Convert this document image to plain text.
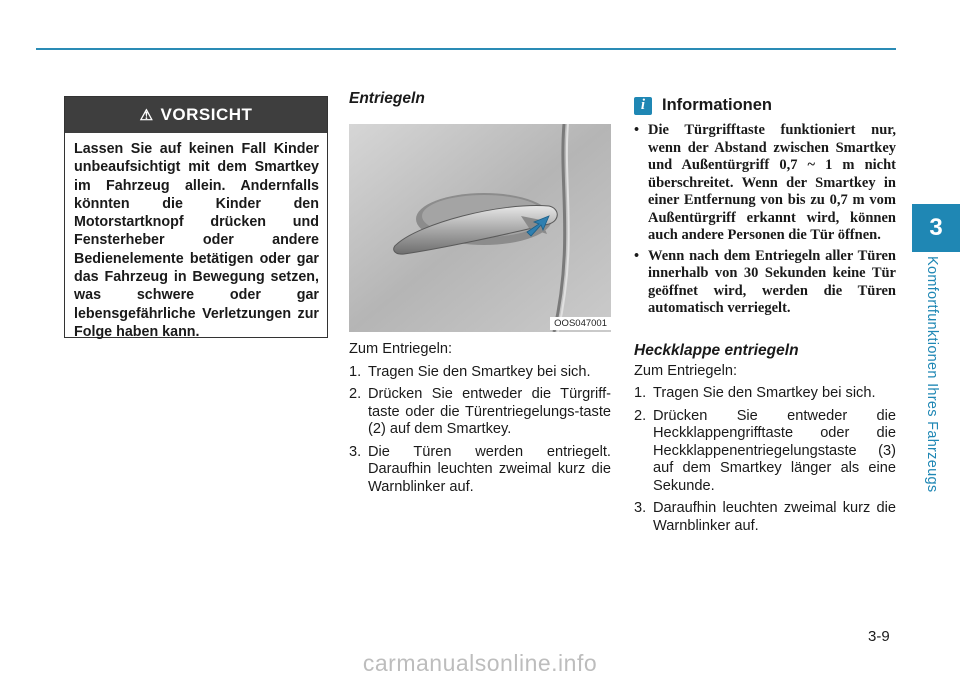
3
Komfortfunktionen Ihres Fahrzeugs
⚠ VORSICHT
Lassen Sie auf keinen Fall Kinder unbeaufsichtigt mit dem Smartkey im Fahrzeug allein. Andernfalls könnten die Kinder den Motorstartknopf drücken und Fensterheber oder andere Bedienelemente betätigen oder gar das Fahrzeug in Bewegung setzen, was schwere oder gar lebensgefährliche Verletzungen zur Folge haben kann.
Entriegeln
OOS047001
Zum Entriegeln:
1. Tragen Sie den Smartkey bei sich.
2. Drücken Sie entweder die Türgriff-taste oder die Türentriegelungs-taste (2) auf dem Smartkey.
3. Die Türen werden entriegelt. Daraufhin leuchten zweimal kurz die Warnblinker auf.
i	Informationen
• Die Türgrifftaste funktioniert nur, wenn der Abstand zwischen Smartkey und Außentürgriff 0,7 ~ 1 m nicht überschreitet. Wenn der Smartkey in einer Entfernung von bis zu 0,7 m vom Außentürgriff erkannt wird, können auch andere Personen die Tür öffnen.
• Wenn nach dem Entriegeln aller Türen innerhalb von 30 Sekunden keine Tür geöffnet wird, werden die Türen automatisch verriegelt.
Heckklappe entriegeln
Zum Entriegeln:
1. Tragen Sie den Smartkey bei sich.
2. Drücken Sie entweder die Heckklappengrifftaste oder die Heckklappenentriegelungstaste (3) auf dem Smartkey länger als eine Sekunde.
3. Daraufhin leuchten zweimal kurz die Warnblinker auf.
3-9
carmanualsonline.info
